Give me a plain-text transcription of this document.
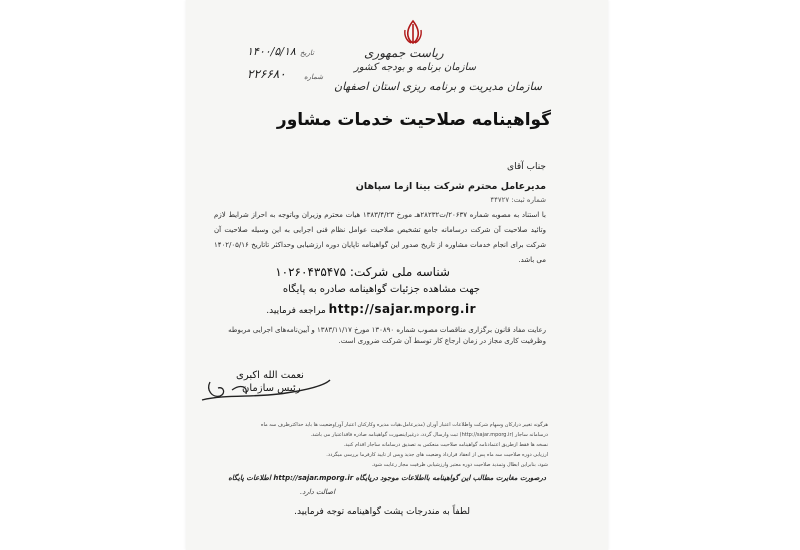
ریاست جمهوری
سازمان برنامه و بودجه کشور
سازمان مدیریت و برنامه ریزی استان اصفهان
تاریخ
۱۴۰۰/۵/۱۸
شماره
۲۲۶۶۸۰
گواهینامه صلاحیت خدمات مشاور
جناب آقای
مدیرعامل محترم شرکت بینا ازما سپاهان
شماره ثبت: ۴۴۷۲۷
با استناد به مصوبه شماره ۲۰۶۳۷/ت۲۸۲۳۲هـ مورخ ۱۳۸۳/۴/۲۳ هیات محترم وزیران وباتوجه به احراز شرایط لازم وتائید صلاحیت آن شرکت درسامانه جامع تشخیص صلاحیت عوامل نظام فنی اجرایی به این وسیله صلاحیت آن شرکت برای انجام خدمات مشاوره از تاریخ صدور این گواهینامه تاپایان دوره ارزشیابی وحداکثر تاتاریخ ۱۴۰۲/۰۵/۱۶ می باشد.
شناسه ملی شرکت: ۱۰۲۶۰۴۳۵۴۷۵
جهت مشاهده جزئیات گواهینامه صادره به پایگاه
http://sajar.mporg.ir مراجعه فرمایید.
رعایت مفاد قانون برگزاری مناقصات مصوب شماره ۱۳۰۸۹۰ مورخ ۱۳۸۳/۱۱/۱۷ و آیین‌نامه‌های اجرایی مربوطه وظرفیت کاری مجاز در زمان ارجاع کار توسط آن شرکت ضروری است.
نعمت الله اکبری
رئیس سازمان
هرگونه تغییر درارکان وسهام شرکت واطلاعات اعتبار آوران (مدیرعامل،هیات مدیره وکارکنان اعتبار آور)وضعیت ها باید حداکثرظرف سه ماه
درسامانه ساجار (http://sajar.mporg.ir) ثبت وارسال گردد، درغیراینصورت گواهینامه صادره فاقداعتبار می باشد.
نسخه ها فقط ازطریق اعتمادنامه گواهینامه صلاحیت منعکس به تصدیق درسامانه ساجار اقدام کنید.
ارزیابی دوره صلاحیت سه ماه پس از انعقاد قرارداد وضعیت های جدید وپس از تایید کارفرما بررسی میگردد.
شود، بنابراین ابطال وتمدید صلاحیت دوره معتبر وارزشیابی ظرفیت مجاز رعایت شود.
درصورت مغایرت مطالب این گواهینامه بااطلاعات موجود درپایگاه http://sajar.mporg.ir اطلاعات پایگاه
اصالت دارد.
لطفاً به مندرجات پشت گواهینامه توجه فرمایید.
